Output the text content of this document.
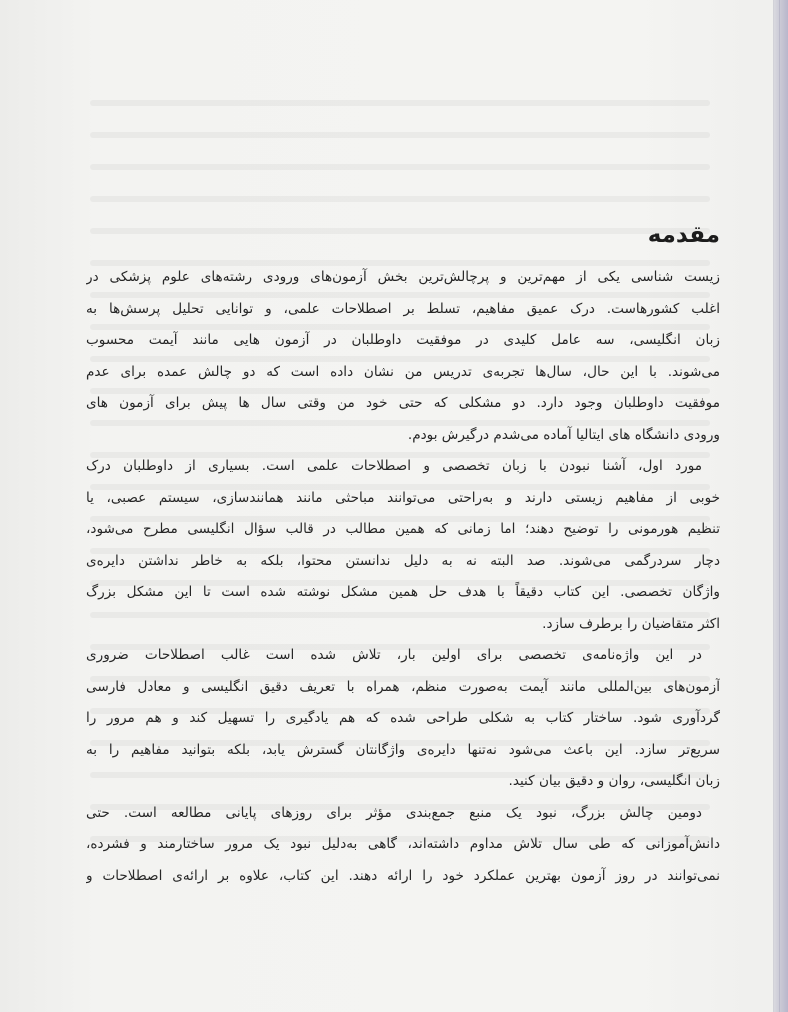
مقدمه

زیست شناسی یکی از مهم‌ترین و پرچالش‌ترین بخش آزمون‌های ورودی رشته‌های علوم پزشکی در
اغلب کشورهاست. درک عمیق مفاهیم، تسلط بر اصطلاحات علمی، و توانایی تحلیل پرسش‌ها به
زبان انگلیسی، سه عامل کلیدی در موفقیت داوطلبان در آزمون هایی مانند آیمت محسوب
می‌شوند. با این حال، سال‌ها تجربه‌ی تدریس من نشان داده است که دو چالش عمده برای عدم
موفقیت داوطلبان وجود دارد. دو مشکلی که حتی خود من وقتی سال ها پیش برای آزمون های
ورودی دانشگاه های ایتالیا آماده می‌شدم درگیرش بودم.

مورد اول، آشنا نبودن با زبان تخصصی و اصطلاحات علمی است. بسیاری از داوطلبان درک
خوبی از مفاهیم زیستی دارند و به‌راحتی می‌توانند مباحثی مانند همانندسازی، سیستم عصبی، یا
تنظیم هورمونی را توضیح دهند؛ اما زمانی که همین مطالب در قالب سؤال انگلیسی مطرح می‌شود،
دچار سردرگمی می‌شوند. صد البته نه به دلیل ندانستن محتوا، بلکه به خاطر نداشتن دایره‌ی
واژگان تخصصی. این کتاب دقیقاً با هدف حل همین مشکل نوشته شده است تا این مشکل بزرگ
اکثر متقاضیان را برطرف سازد.

در این واژه‌نامه‌ی تخصصی برای اولین بار، تلاش شده است غالب اصطلاحات ضروری
آزمون‌های بین‌المللی مانند آیمت به‌صورت منظم، همراه با تعریف دقیق انگلیسی و معادل فارسی
گردآوری شود. ساختار کتاب به شکلی طراحی شده که هم یادگیری را تسهیل کند و هم مرور را
سریع‌تر سازد. این باعث می‌شود نه‌تنها دایره‌ی واژگانتان گسترش یابد، بلکه بتوانید مفاهیم را به
زبان انگلیسی، روان و دقیق بیان کنید.

دومین چالش بزرگ، نبود یک منبع جمع‌بندی مؤثر برای روزهای پایانی مطالعه است. حتی
دانش‌آموزانی که طی سال تلاش مداوم داشته‌اند، گاهی به‌دلیل نبود یک مرور ساختارمند و فشرده،
نمی‌توانند در روز آزمون بهترین عملکرد خود را ارائه دهند. این کتاب، علاوه بر ارائه‌ی اصطلاحات و
